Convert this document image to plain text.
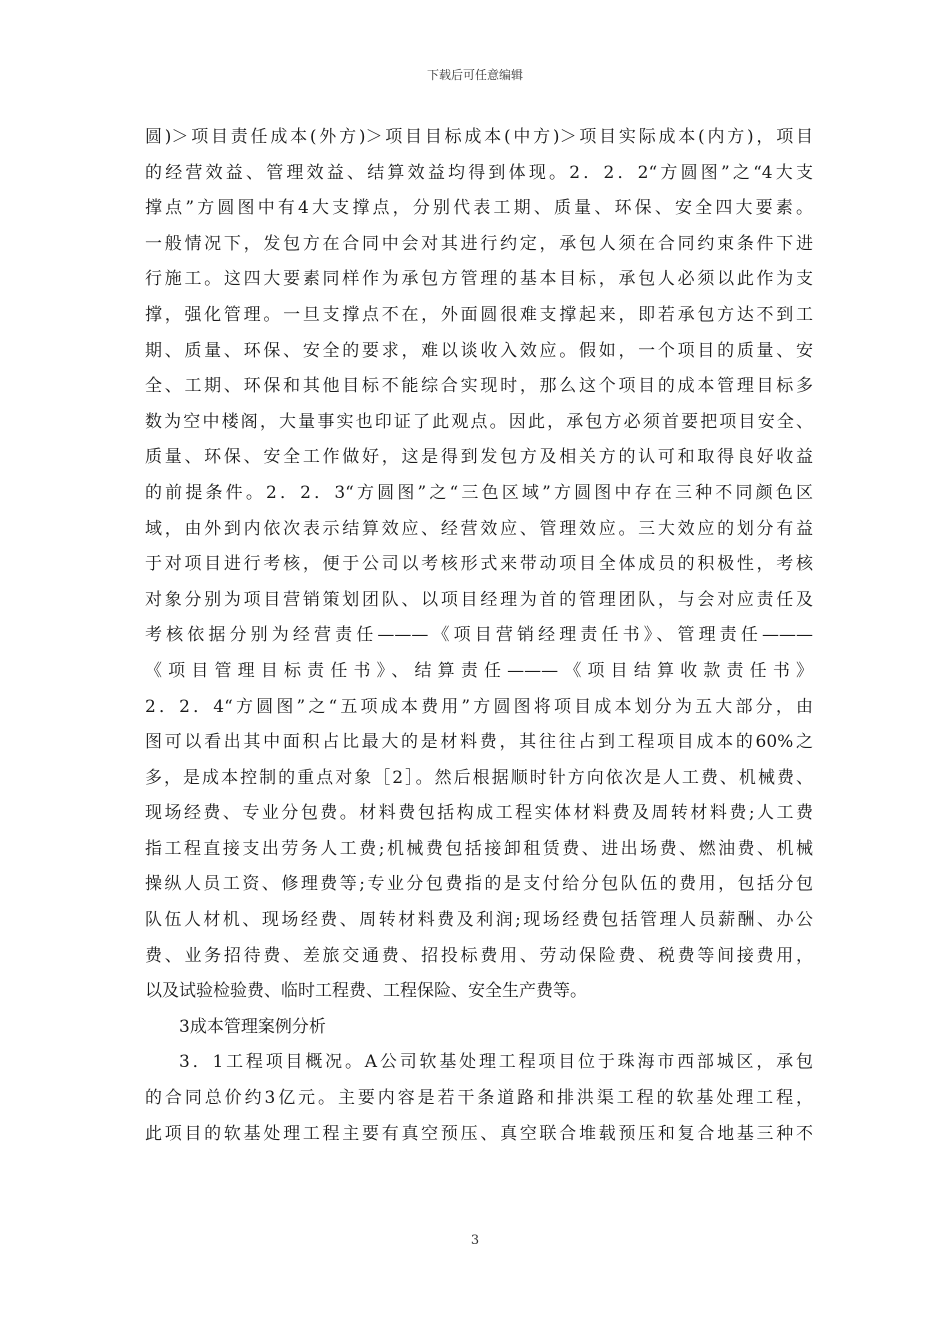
下载后可任意编辑
圆)＞项目责任成本(外方)＞项目目标成本(中方)＞项目实际成本(内方)，项目
的经营效益、管理效益、结算效益均得到体现。2．2．2“方圆图”之“4大支
撑点”方圆图中有4大支撑点，分别代表工期、质量、环保、安全四大要素。
一般情况下，发包方在合同中会对其进行约定，承包人须在合同约束条件下进
行施工。这四大要素同样作为承包方管理的基本目标，承包人必须以此作为支
撑，强化管理。一旦支撑点不在，外面圆很难支撑起来，即若承包方达不到工
期、质量、环保、安全的要求，难以谈收入效应。假如，一个项目的质量、安
全、工期、环保和其他目标不能综合实现时，那么这个项目的成本管理目标多
数为空中楼阁，大量事实也印证了此观点。因此，承包方必须首要把项目安全、
质量、环保、安全工作做好，这是得到发包方及相关方的认可和取得良好收益
的前提条件。2．2．3“方圆图”之“三色区域”方圆图中存在三种不同颜色区
域，由外到内依次表示结算效应、经营效应、管理效应。三大效应的划分有益
于对项目进行考核，便于公司以考核形式来带动项目全体成员的积极性，考核
对象分别为项目营销策划团队、以项目经理为首的管理团队，与会对应责任及
考核依据分别为经营责任———《项目营销经理责任书》、管理责任———
《项目管理目标责任书》、结算责任———《项目结算收款责任书》
2．2．4“方圆图”之“五项成本费用”方圆图将项目成本划分为五大部分，由
图可以看出其中面积占比最大的是材料费，其往往占到工程项目成本的60%之
多，是成本控制的重点对象［2］。然后根据顺时针方向依次是人工费、机械费、
现场经费、专业分包费。材料费包括构成工程实体材料费及周转材料费;人工费
指工程直接支出劳务人工费;机械费包括接卸租赁费、进出场费、燃油费、机械
操纵人员工资、修理费等;专业分包费指的是支付给分包队伍的费用，包括分包
队伍人材机、现场经费、周转材料费及利润;现场经费包括管理人员薪酬、办公
费、业务招待费、差旅交通费、招投标费用、劳动保险费、税费等间接费用，
以及试验检验费、临时工程费、工程保险、安全生产费等。
3成本管理案例分析
3．1工程项目概况。A公司软基处理工程项目位于珠海市西部城区，承包
的合同总价约3亿元。主要内容是若干条道路和排洪渠工程的软基处理工程，
此项目的软基处理工程主要有真空预压、真空联合堆载预压和复合地基三种不
3
